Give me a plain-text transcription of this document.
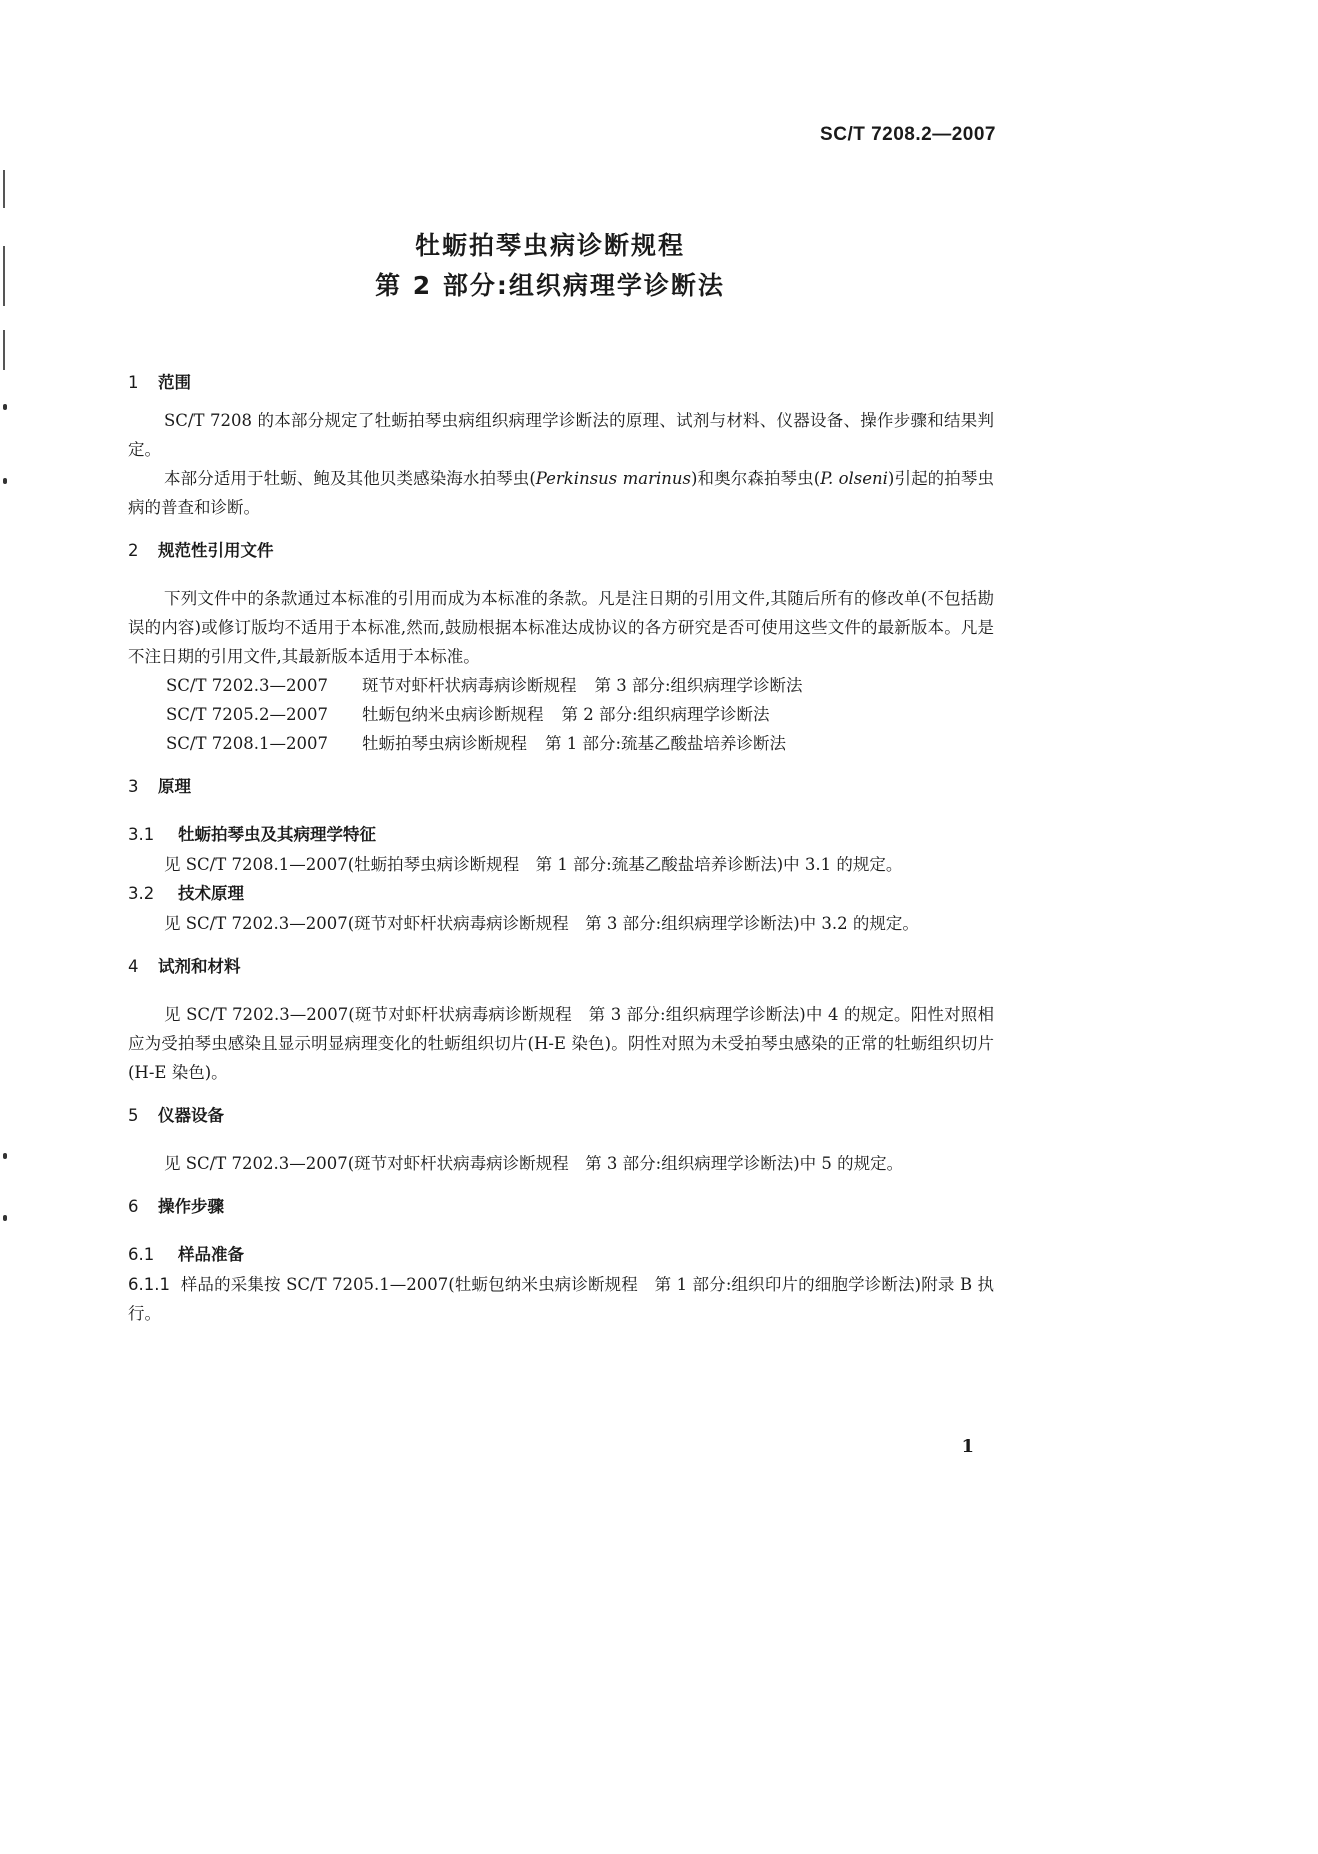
SC/T 7208.2—2007
牡蛎拍琴虫病诊断规程
第 2 部分:组织病理学诊断法
1 范围

SC/T 7208 的本部分规定了牡蛎拍琴虫病组织病理学诊断法的原理、试剂与材料、仪器设备、操作步骤和结果判定。

本部分适用于牡蛎、鲍及其他贝类感染海水拍琴虫(Perkinsus marinus)和奥尔森拍琴虫(P. olseni)引起的拍琴虫病的普查和诊断。

2 规范性引用文件

下列文件中的条款通过本标准的引用而成为本标准的条款。凡是注日期的引用文件,其随后所有的修改单(不包括勘误的内容)或修订版均不适用于本标准,然而,鼓励根据本标准达成协议的各方研究是否可使用这些文件的最新版本。凡是不注日期的引用文件,其最新版本适用于本标准。

SC/T 7202.3—2007 斑节对虾杆状病毒病诊断规程 第 3 部分:组织病理学诊断法
SC/T 7205.2—2007 牡蛎包纳米虫病诊断规程 第 2 部分:组织病理学诊断法
SC/T 7208.1—2007 牡蛎拍琴虫病诊断规程 第 1 部分:巯基乙酸盐培养诊断法
3 原理
3.1 牡蛎拍琴虫及其病理学特征

见 SC/T 7208.1—2007(牡蛎拍琴虫病诊断规程　第 1 部分:巯基乙酸盐培养诊断法)中 3.1 的规定。

3.2 技术原理

见 SC/T 7202.3—2007(斑节对虾杆状病毒病诊断规程　第 3 部分:组织病理学诊断法)中 3.2 的规定。

4 试剂和材料

见 SC/T 7202.3—2007(斑节对虾杆状病毒病诊断规程　第 3 部分:组织病理学诊断法)中 4 的规定。阳性对照相应为受拍琴虫感染且显示明显病理变化的牡蛎组织切片(H-E 染色)。阴性对照为未受拍琴虫感染的正常的牡蛎组织切片(H-E 染色)。

5 仪器设备

见 SC/T 7202.3—2007(斑节对虾杆状病毒病诊断规程　第 3 部分:组织病理学诊断法)中 5 的规定。

6 操作步骤
6.1 样品准备

6.1.1 样品的采集按 SC/T 7205.1—2007(牡蛎包纳米虫病诊断规程　第 1 部分:组织印片的细胞学诊断法)附录 B 执行。

1
